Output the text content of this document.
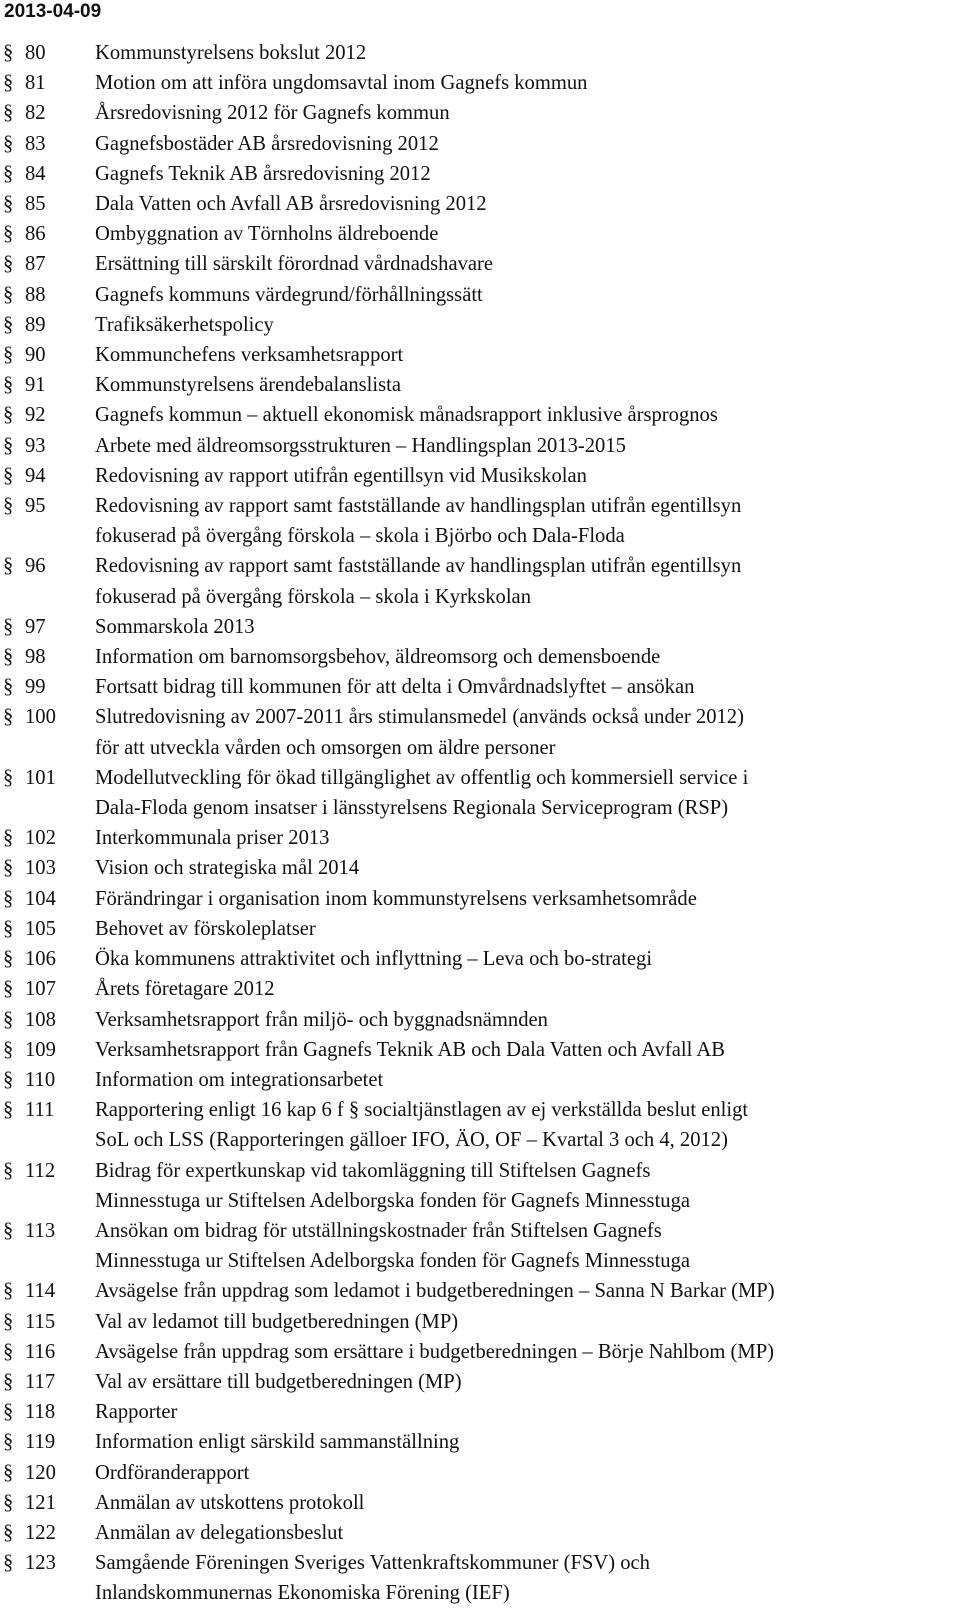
2013-04-09
§ 80	Kommunstyrelsens bokslut 2012
§ 81	Motion om att införa ungdomsavtal inom Gagnefs kommun
§ 82	Årsredovisning 2012 för Gagnefs kommun
§ 83	Gagnefsbostäder AB årsredovisning 2012
§ 84	Gagnefs Teknik AB årsredovisning 2012
§ 85	Dala Vatten och Avfall AB årsredovisning 2012
§ 86	Ombyggnation av Törnholns äldreboende
§ 87	Ersättning till särskilt förordnad vårdnadshavare
§ 88	Gagnefs kommuns värdegrund/förhållningssätt
§ 89	Trafiksäkerhetspolicy
§ 90	Kommunchefens verksamhetsrapport
§ 91	Kommunstyrelsens ärendebalanslista
§ 92	Gagnefs kommun – aktuell ekonomisk månadsrapport inklusive årsprognos
§ 93	Arbete med äldreomsorgsstrukturen – Handlingsplan 2013-2015
§ 94	Redovisning av rapport utifrån egentillsyn vid Musikskolan
§ 95	Redovisning av rapport samt fastställande av handlingsplan utifrån egentillsyn
fokuserad på övergång förskola – skola i Björbo och Dala-Floda
§ 96	Redovisning av rapport samt fastställande av handlingsplan utifrån egentillsyn
fokuserad på övergång förskola – skola i Kyrkskolan
§ 97	Sommarskola 2013
§ 98	Information om barnomsorgsbehov, äldreomsorg och demensboende
§ 99	Fortsatt bidrag till kommunen för att delta i Omvårdnadslyftet – ansökan
§ 100	Slutredovisning av 2007-2011 års stimulansmedel (används också under 2012)
för att utveckla vården och omsorgen om äldre personer
§ 101	Modellutveckling för ökad tillgänglighet av offentlig och kommersiell service i
Dala-Floda genom insatser i länsstyrelsens Regionala Serviceprogram (RSP)
§ 102	Interkommunala priser 2013
§ 103	Vision och strategiska mål 2014
§ 104	Förändringar i organisation inom kommunstyrelsens verksamhetsområde
§ 105	Behovet av förskoleplatser
§ 106	Öka kommunens attraktivitet och inflyttning – Leva och bo-strategi
§ 107	Årets företagare 2012
§ 108	Verksamhetsrapport från miljö- och byggnadsnämnden
§ 109	Verksamhetsrapport från Gagnefs Teknik AB och Dala Vatten och Avfall AB
§ 110	Information om integrationsarbetet
§ 111	Rapportering enligt 16 kap 6 f § socialtjänstlagen av ej verkställda beslut enligt
SoL och LSS (Rapporteringen gälloer IFO, ÄO, OF – Kvartal 3 och 4, 2012)
§ 112	Bidrag för expertkunskap vid takomläggning till Stiftelsen Gagnefs
Minnesstuga ur Stiftelsen Adelborgska fonden för Gagnefs Minnesstuga
§ 113	Ansökan om bidrag för utställningskostnader från Stiftelsen Gagnefs
Minnesstuga ur Stiftelsen Adelborgska fonden för Gagnefs Minnesstuga
§ 114	Avsägelse från uppdrag som ledamot i budgetberedningen – Sanna N Barkar (MP)
§ 115	Val av ledamot till budgetberedningen (MP)
§ 116	Avsägelse från uppdrag som ersättare i budgetberedningen – Börje Nahlbom (MP)
§ 117	Val av ersättare till budgetberedningen (MP)
§ 118	Rapporter
§ 119	Information enligt särskild sammanställning
§ 120	Ordföranderapport
§ 121	Anmälan av utskottens protokoll
§ 122	Anmälan av delegationsbeslut
§ 123	Samgående Föreningen Sveriges Vattenkraftskommuner (FSV) och
Inlandskommunernas Ekonomiska Förening (IEF)
